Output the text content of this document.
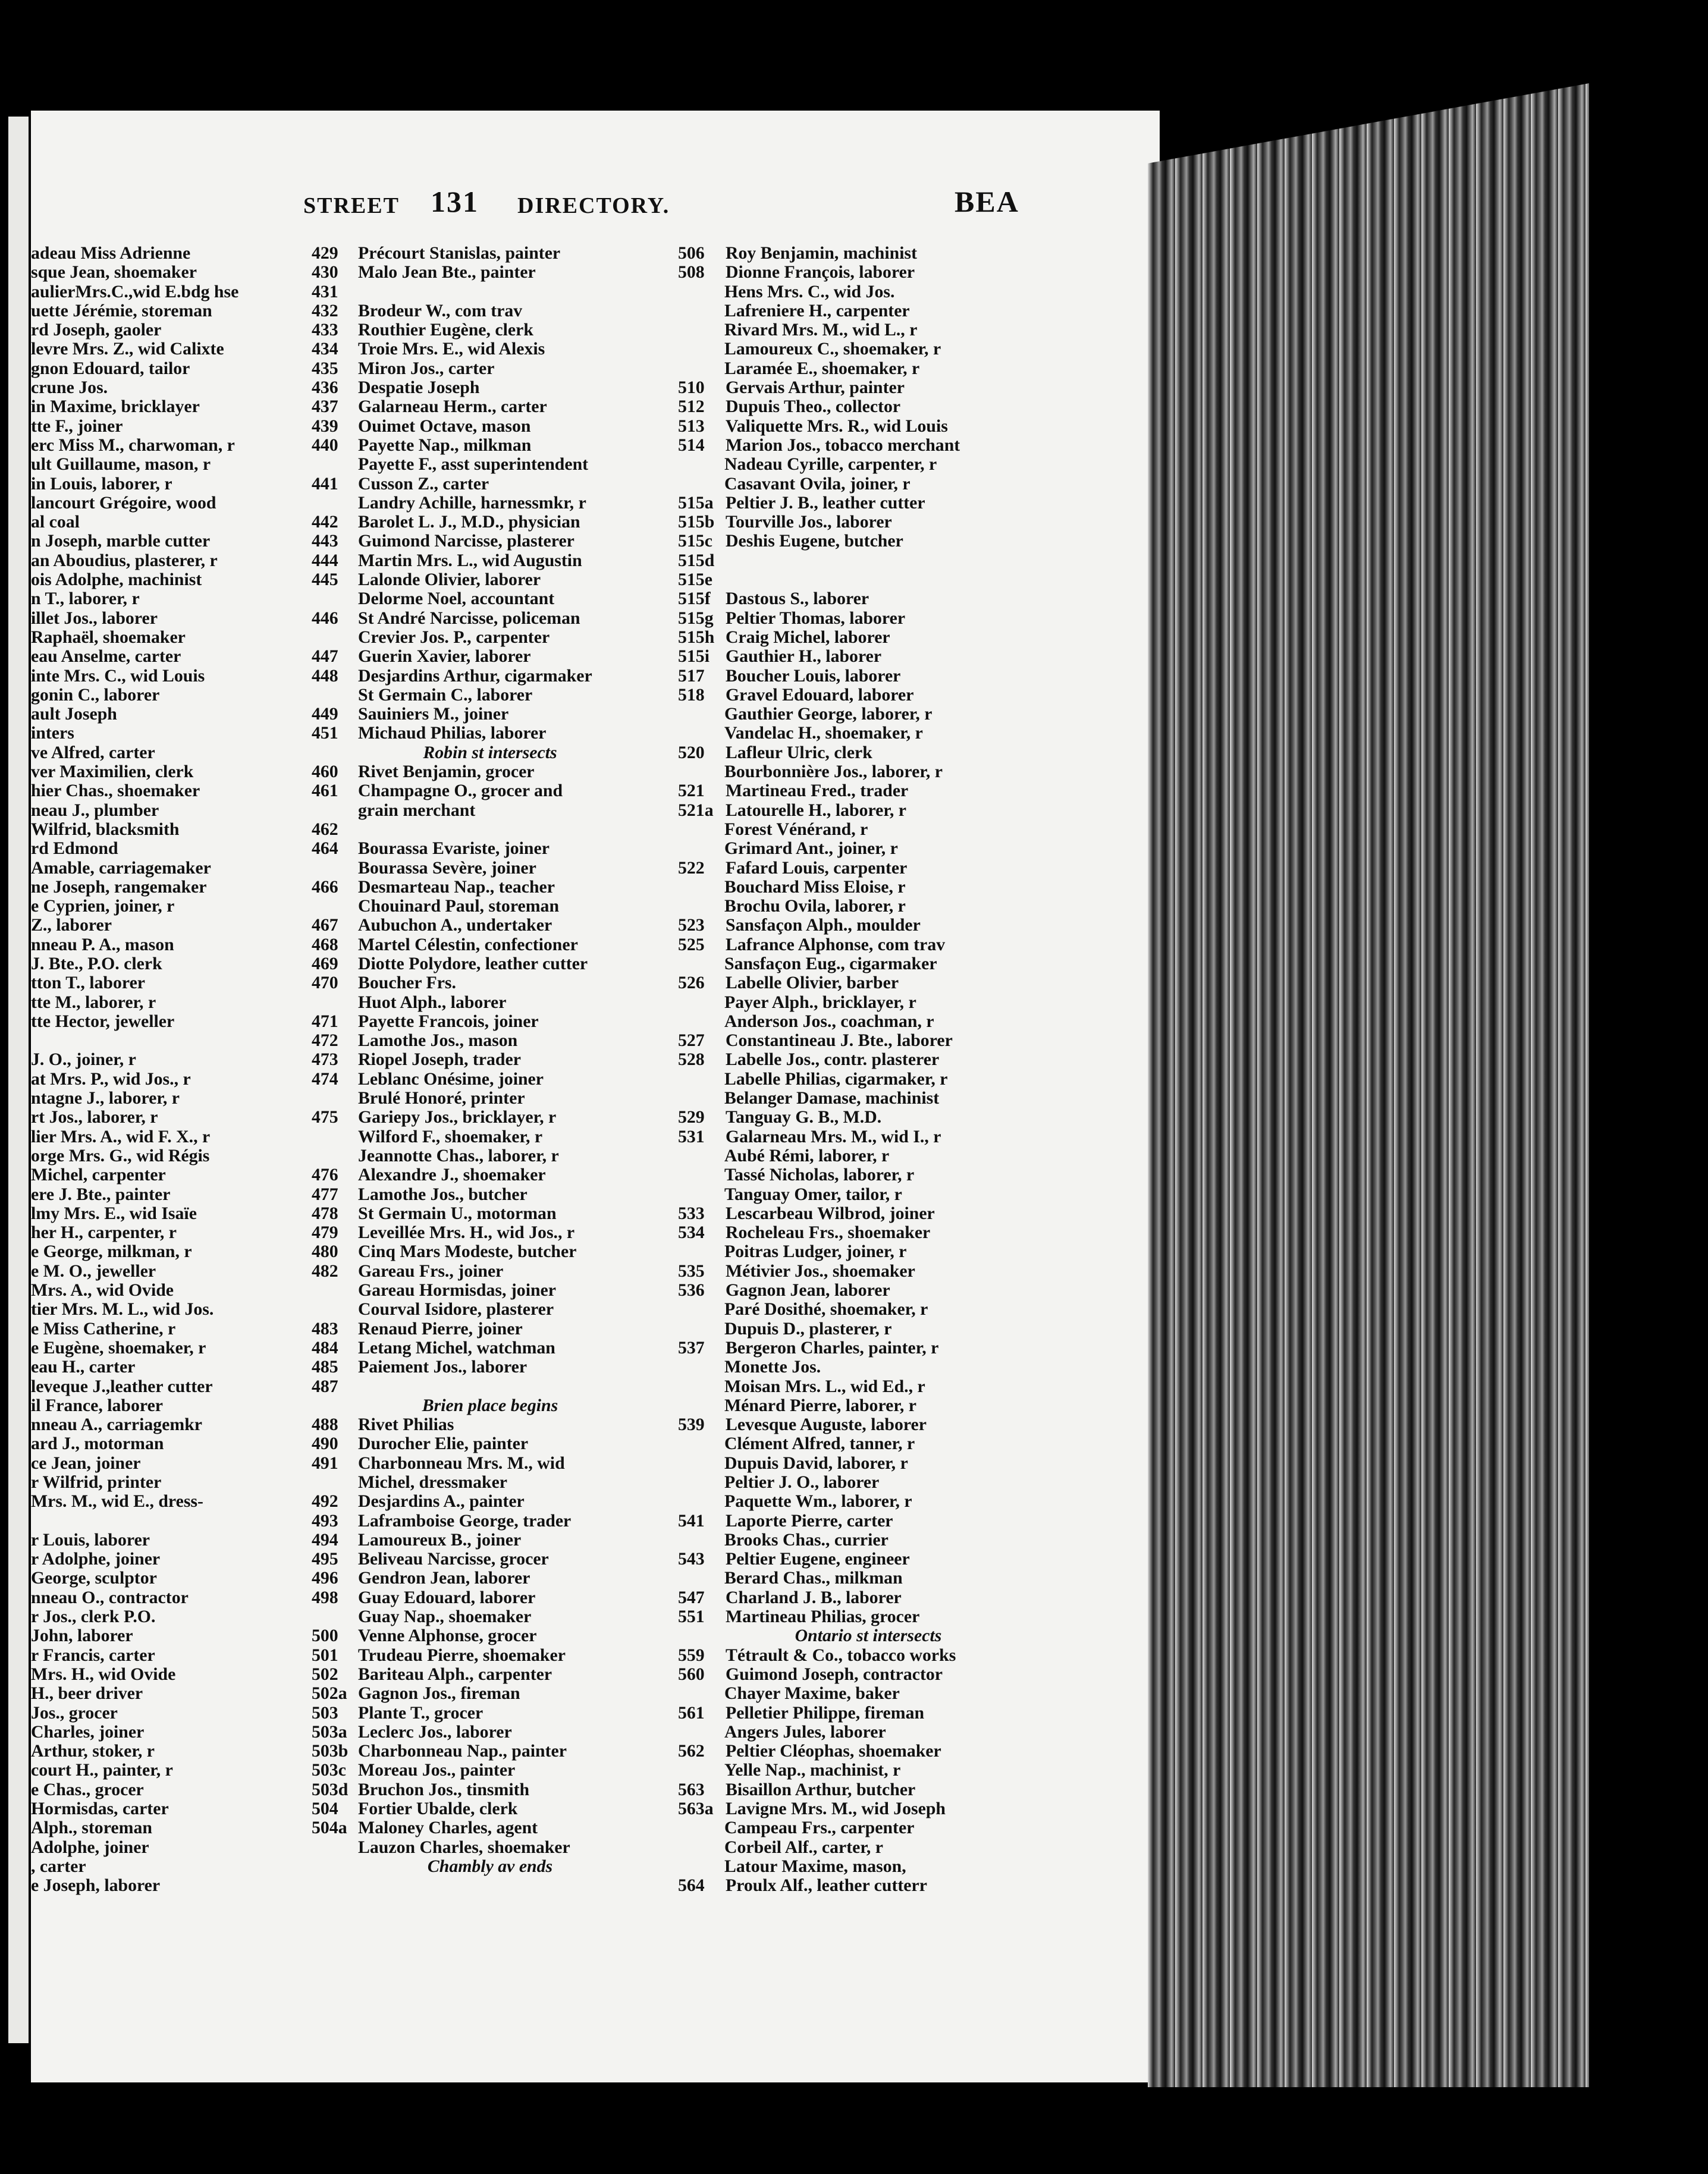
STREET 131 DIRECTORY.	BEA
adeau Miss Adrienne
sque Jean, shoemaker
aulierMrs.C.,wid E.bdg hse
uette Jérémie, storeman
rd Joseph, gaoler
levre Mrs. Z., wid Calixte
gnon Edouard, tailor
crune Jos.
in Maxime, bricklayer
tte F., joiner
erc Miss M., charwoman, r
ult Guillaume, mason, r
in Louis, laborer, r
lancourt Grégoire, wood
al coal
n Joseph, marble cutter
an Aboudius, plasterer, r
ois Adolphe, machinist
n T., laborer, r
illet Jos., laborer
Raphaël, shoemaker
eau Anselme, carter
inte Mrs. C., wid Louis
gonin C., laborer
ault Joseph
inters
ve Alfred, carter
ver Maximilien, clerk
hier Chas., shoemaker
neau J., plumber
Wilfrid, blacksmith
rd Edmond
Amable, carriagemaker
ne Joseph, rangemaker
e Cyprien, joiner, r
Z., laborer
nneau P. A., mason
J. Bte., P.O. clerk
tton T., laborer
tte M., laborer, r
tte Hector, jeweller
J. O., joiner, r
at Mrs. P., wid Jos., r
ntagne J., laborer, r
rt Jos., laborer, r
lier Mrs. A., wid F. X., r
orge Mrs. G., wid Régis
Michel, carpenter
ere J. Bte., painter
lmy Mrs. E., wid Isaïe
her H., carpenter, r
e George, milkman, r
e M. O., jeweller
Mrs. A., wid Ovide
tier Mrs. M. L., wid Jos.
e Miss Catherine, r
e Eugène, shoemaker, r
eau H., carter
leveque J.,leather cutter
il France, laborer
nneau A., carriagemkr
ard J., motorman
ce Jean, joiner
r Wilfrid, printer
Mrs. M., wid E., dress-
r Louis, laborer
r Adolphe, joiner
George, sculptor
nneau O., contractor
r Jos., clerk P.O.
John, laborer
r Francis, carter
Mrs. H., wid Ovide
H., beer driver
Jos., grocer
Charles, joiner
Arthur, stoker, r
court H., painter, r
e Chas., grocer
Hormisdas, carter
Alph., storeman
Adolphe, joiner
, carter
e Joseph, laborer
429 Précourt Stanislas, painter
430 Malo Jean Bte., painter
431
432 Brodeur W., com trav
433 Routhier Eugène, clerk
434 Troie Mrs. E., wid Alexis
435 Miron Jos., carter
436 Despatie Joseph
437 Galarneau Herm., carter
439 Ouimet Octave, mason
440 Payette Nap., milkman
Payette F., asst superintendent
441 Cusson Z., carter
Landry Achille, harnessmkr, r
442 Barolet L. J., M.D., physician
443 Guimond Narcisse, plasterer
444 Martin Mrs. L., wid Augustin
445 Lalonde Olivier, laborer
Delorme Noel, accountant
446 St André Narcisse, policeman
Crevier Jos. P., carpenter
447 Guerin Xavier, laborer
448 Desjardins Arthur, cigarmaker
St Germain C., laborer
449 Sauiniers M., joiner
451 Michaud Philias, laborer
Robin st intersects
460 Rivet Benjamin, grocer
461 Champagne O., grocer and
grain merchant
462
464 Bourassa Evariste, joiner
Bourassa Sevère, joiner
466 Desmarteau Nap., teacher
Chouinard Paul, storeman
467 Aubuchon A., undertaker
468 Martel Célestin, confectioner
469 Diotte Polydore, leather cutter
470 Boucher Frs.
Huot Alph., laborer
471 Payette Francois, joiner
472 Lamothe Jos., mason
473 Riopel Joseph, trader
474 Leblanc Onésime, joiner
Brulé Honoré, printer
475 Gariepy Jos., bricklayer, r
Wilford F., shoemaker, r
Jeannotte Chas., laborer, r
476 Alexandre J., shoemaker
477 Lamothe Jos., butcher
478 St Germain U., motorman
479 Leveillée Mrs. H., wid Jos., r
480 Cinq Mars Modeste, butcher
482 Gareau Frs., joiner
Gareau Hormisdas, joiner
Courval Isidore, plasterer
483 Renaud Pierre, joiner
484 Letang Michel, watchman
485 Paiement Jos., laborer
487
Brien place begins
488 Rivet Philias
490 Durocher Elie, painter
491 Charbonneau Mrs. M., wid
Michel, dressmaker
492 Desjardins A., painter
493 Laframboise George, trader
494 Lamoureux B., joiner
495 Beliveau Narcisse, grocer
496 Gendron Jean, laborer
498 Guay Edouard, laborer
Guay Nap., shoemaker
500 Venne Alphonse, grocer
501 Trudeau Pierre, shoemaker
502 Bariteau Alph., carpenter
502a Gagnon Jos., fireman
503 Plante T., grocer
503a Leclerc Jos., laborer
503b Charbonneau Nap., painter
503c Moreau Jos., painter
503d Bruchon Jos., tinsmith
504 Fortier Ubalde, clerk
504a Maloney Charles, agent
Lauzon Charles, shoemaker
Chambly av ends
506 Roy Benjamin, machinist
508 Dionne François, laborer
Hens Mrs. C., wid Jos.
Lafreniere H., carpenter
Rivard Mrs. M., wid L., r
Lamoureux C., shoemaker, r
Laramée E., shoemaker, r
510 Gervais Arthur, painter
512 Dupuis Theo., collector
513 Valiquette Mrs. R., wid Louis
514 Marion Jos., tobacco merchant
Nadeau Cyrille, carpenter, r
Casavant Ovila, joiner, r
515a Peltier J. B., leather cutter
515b Tourville Jos., laborer
515c Deshis Eugene, butcher
515d
515e
515f Dastous S., laborer
515g Peltier Thomas, laborer
515h Craig Michel, laborer
515i Gauthier H., laborer
517 Boucher Louis, laborer
518 Gravel Edouard, laborer
Gauthier George, laborer, r
Vandelac H., shoemaker, r
520 Lafleur Ulric, clerk
Bourbonnière Jos., laborer, r
521 Martineau Fred., trader
521a Latourelle H., laborer, r
Forest Vénérand, r
Grimard Ant., joiner, r
522 Fafard Louis, carpenter
Bouchard Miss Eloise, r
Brochu Ovila, laborer, r
523 Sansfaçon Alph., moulder
525 Lafrance Alphonse, com trav
Sansfaçon Eug., cigarmaker
526 Labelle Olivier, barber
Payer Alph., bricklayer, r
Anderson Jos., coachman, r
527 Constantineau J. Bte., laborer
528 Labelle Jos., contr. plasterer
Labelle Philias, cigarmaker, r
Belanger Damase, machinist
529 Tanguay G. B., M.D.
531 Galarneau Mrs. M., wid I., r
Aubé Rémi, laborer, r
Tassé Nicholas, laborer, r
Tanguay Omer, tailor, r
533 Lescarbeau Wilbrod, joiner
534 Rocheleau Frs., shoemaker
Poitras Ludger, joiner, r
535 Métivier Jos., shoemaker
536 Gagnon Jean, laborer
Paré Dosithé, shoemaker, r
Dupuis D., plasterer, r
537 Bergeron Charles, painter, r
Monette Jos.
Moisan Mrs. L., wid Ed., r
Ménard Pierre, laborer, r
539 Levesque Auguste, laborer
Clément Alfred, tanner, r
Dupuis David, laborer, r
Peltier J. O., laborer
Paquette Wm., laborer, r
541 Laporte Pierre, carter
Brooks Chas., currier
543 Peltier Eugene, engineer
Berard Chas., milkman
547 Charland J. B., laborer
551 Martineau Philias, grocer
Ontario st intersects
559 Tétrault & Co., tobacco works
560 Guimond Joseph, contractor
Chayer Maxime, baker
561 Pelletier Philippe, fireman
Angers Jules, laborer
562 Peltier Cléophas, shoemaker
Yelle Nap., machinist, r
563 Bisaillon Arthur, butcher
563a Lavigne Mrs. M., wid Joseph
Campeau Frs., carpenter
Corbeil Alf., carter, r
Latour Maxime, mason,
564 Proulx Alf., leather cutterr
